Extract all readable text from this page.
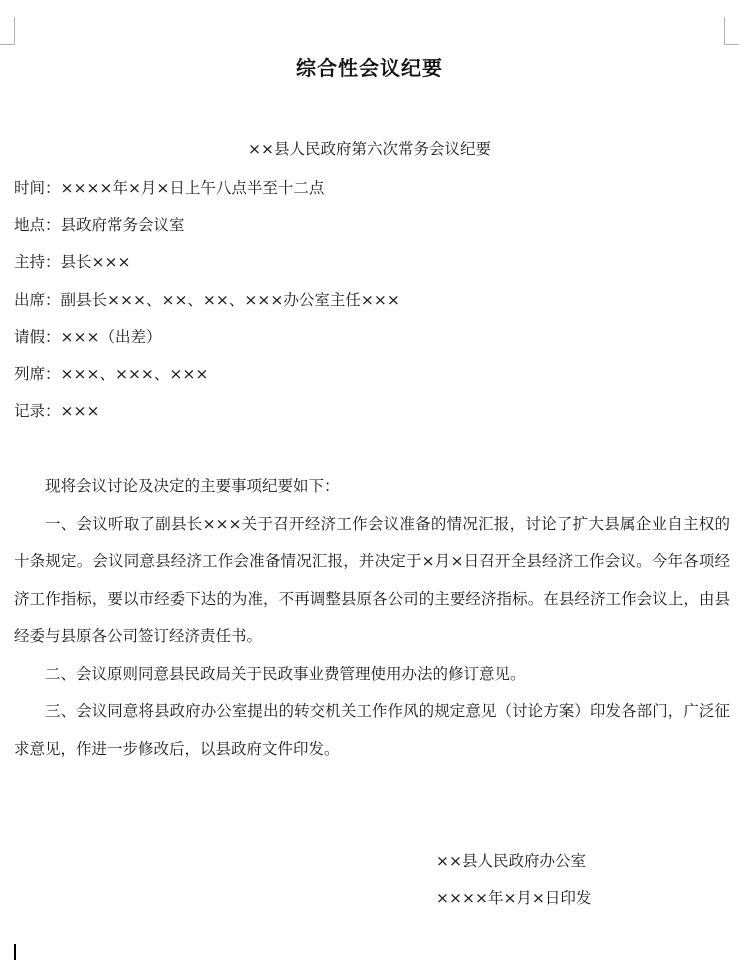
综合性会议纪要
××县人民政府第六次常务会议纪要
时间：××××年×月×日上午八点半至十二点
地点：县政府常务会议室
主持：县长×××
出席：副县长×××、××、××、×××办公室主任×××
请假：×××（出差）
列席：×××、×××、×××
记录：×××

现将会议讨论及决定的主要事项纪要如下：

一、会议听取了副县长×××关于召开经济工作会议准备的情况汇报，讨论了扩大县属企业自主权的十条规定。会议同意县经济工作会准备情况汇报，并决定于×月×日召开全县经济工作会议。今年各项经济工作指标，要以市经委下达的为准，不再调整县原各公司的主要经济指标。在县经济工作会议上，由县经委与县原各公司签订经济责任书。

二、会议原则同意县民政局关于民政事业费管理使用办法的修订意见。

三、会议同意将县政府办公室提出的转交机关工作作风的规定意见（讨论方案）印发各部门，广泛征求意见，作进一步修改后，以县政府文件印发。

××县人民政府办公室
××××年×月×日印发
